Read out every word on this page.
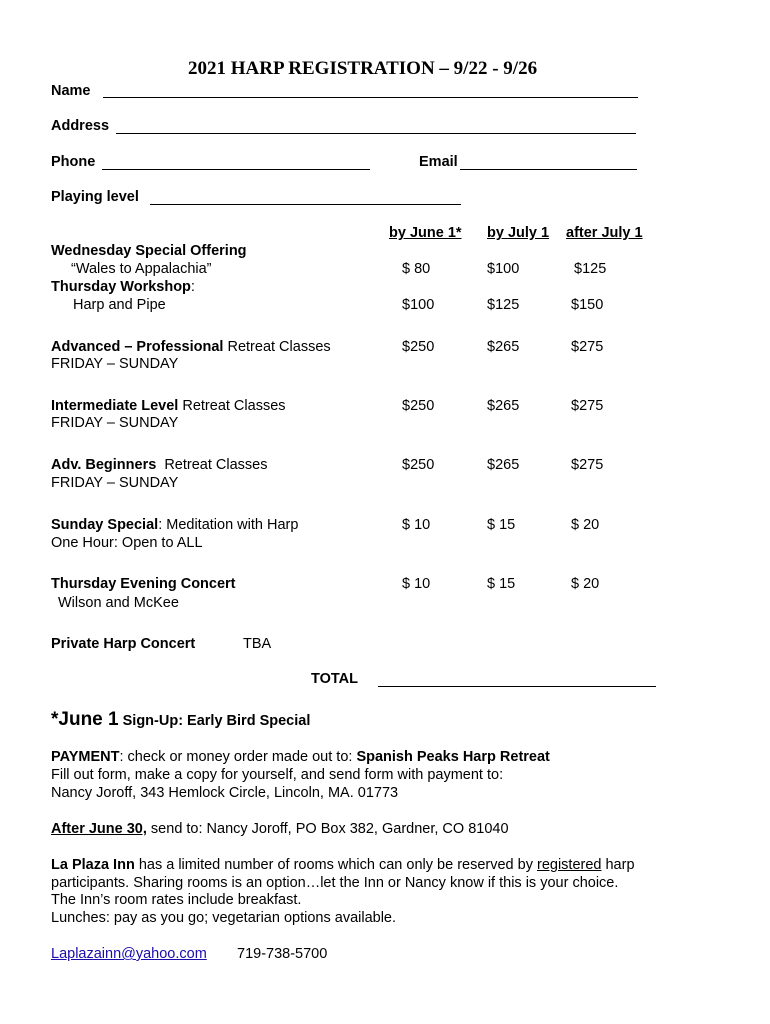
2021 HARP REGISTRATION – 9/22 - 9/26
Name
Address
Phone	Email
Playing level
by June 1* by July 1 after July 1
Wednesday Special Offering
“Wales to Appalachia”	$ 80	$100	$125
Thursday Workshop:
Harp and Pipe	$100	$125	$150
Advanced – Professional Retreat Classes
FRIDAY – SUNDAY
$250	$265	$275
Intermediate Level Retreat Classes
FRIDAY – SUNDAY
$250	$265	$275
Adv. Beginners  Retreat Classes
FRIDAY – SUNDAY
$250	$265	$275
Sunday Special: Meditation with Harp
One Hour: Open to ALL
$ 10	$ 15	$ 20
Thursday Evening Concert
Wilson and McKee
$ 10	$ 15	$ 20
Private Harp Concert	TBA
TOTAL
*June 1 Sign-Up: Early Bird Special
PAYMENT: check or money order made out to: Spanish Peaks Harp Retreat
Fill out form, make a copy for yourself, and send form with payment to:
Nancy Joroff, 343 Hemlock Circle, Lincoln, MA. 01773
After June 30, send to: Nancy Joroff, PO Box 382, Gardner, CO 81040
La Plaza Inn has a limited number of rooms which can only be reserved by registered harp
participants. Sharing rooms is an option…let the Inn or Nancy know if this is your choice.
The Inn’s room rates include breakfast.
Lunches: pay as you go; vegetarian options available.
Laplazainn@yahoo.com 719-738-5700
